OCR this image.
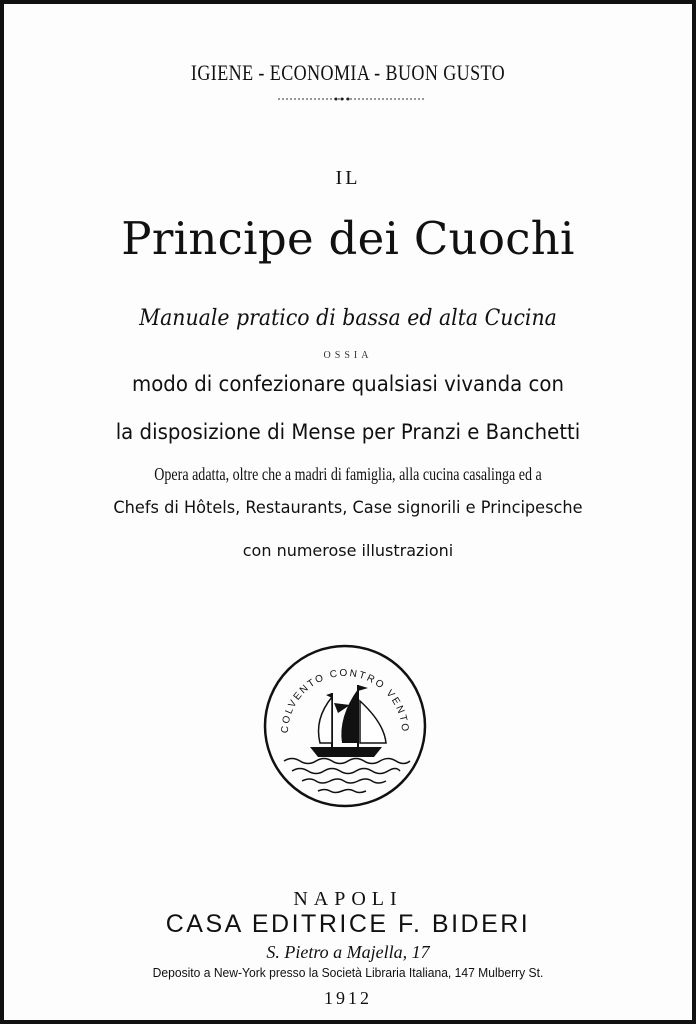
IGIENE - ECONOMIA - BUON GUSTO
IL
Principe dei Cuochi
Manuale pratico di bassa ed alta Cucina
OSSIA
modo di confezionare qualsiasi vivanda con
la disposizione di Mense per Pranzi e Banchetti
Opera adatta, oltre che a madri di famiglia, alla cucina casalinga ed a
Chefs di Hôtels, Restaurants, Case signorili e Principesche
con numerose illustrazioni
COLVENTO CONTRO VENTO
NAPOLI
CASA EDITRICE F. BIDERI
S. Pietro a Majella, 17
Deposito a New-York presso la Società Libraria Italiana, 147 Mulberry St.
1912
